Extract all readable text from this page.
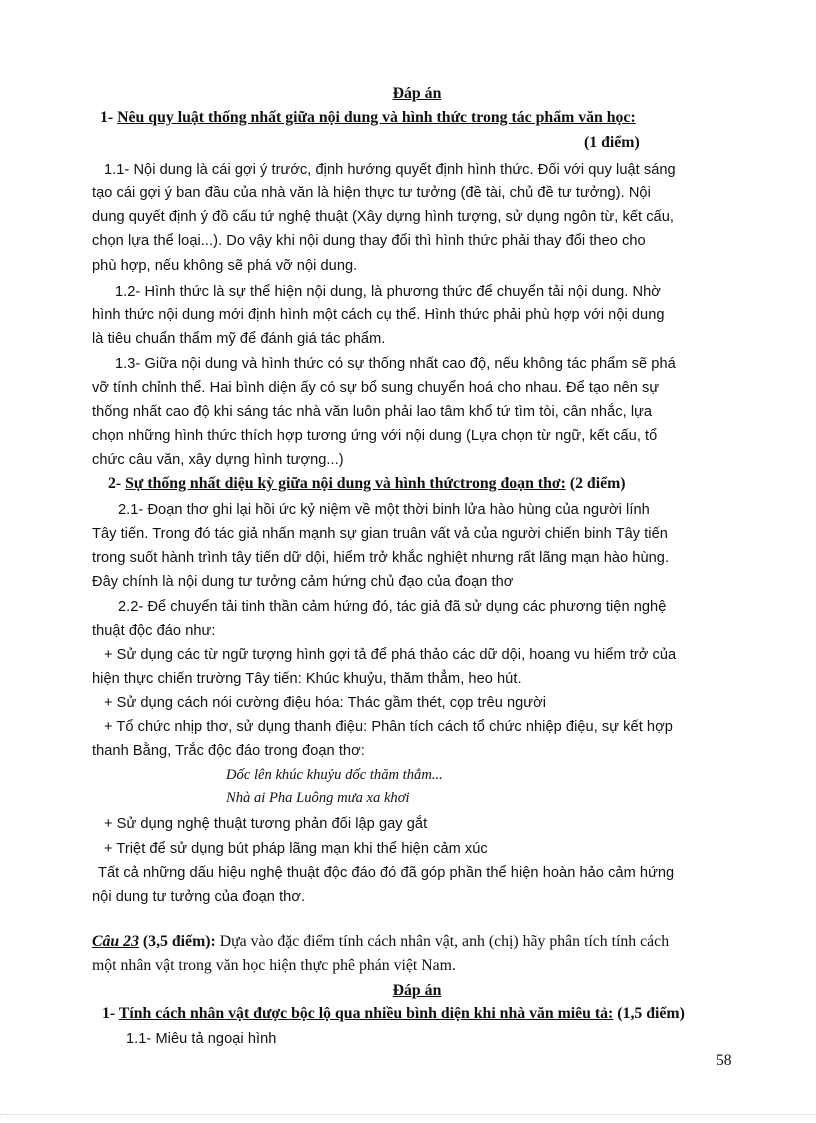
Đáp án
1- Nêu quy luật thống nhất giữa nội dung và hình thức trong tác phẩm văn học:
(1 điểm)
1.1- Nội dung là cái gợi ý trước, định hướng quyết định hình thức. Đối với quy luật sáng
tạo cái gợi ý ban đầu của nhà văn là hiện thực tư tưởng (đề tài, chủ đề tư tưởng). Nội
dung quyết định ý đồ cấu tứ nghệ thuật (Xây dựng hình tượng, sử dụng ngôn từ, kết cấu,
chọn lựa thể loại...). Do vậy khi nội dung thay đổi thì hình thức phải thay đổi theo cho
phù hợp, nếu không sẽ phá vỡ nội dung.
1.2- Hình thức là sự thể hiện nội dung, là phương thức để chuyển tải nội dung. Nhờ
hình thức nội dung mới định hình một cách cụ thể. Hình thức phải phù hợp với nội dung
là tiêu chuẩn thẩm mỹ để đánh giá tác phẩm.
1.3- Giữa nội dung và hình thức có sự thống nhất cao độ, nếu không tác phẩm sẽ phá
vỡ tính chỉnh thể. Hai bình diện ấy có sự bổ sung chuyển hoá cho nhau. Để tạo nên sự
thống nhất cao độ khi sáng tác nhà văn luôn phải lao tâm khổ tứ tìm tòi, cân nhắc, lựa
chọn những hình thức thích hợp tương ứng với nội dung (Lựa chọn từ ngữ, kết cấu, tổ
chức câu văn, xây dựng hình tượng...)
2- Sự thống nhất diệu kỳ giữa nội dung và hình thứctrong đoạn thơ: (2 điểm)
2.1- Đoạn thơ ghi lại hồi ức kỷ niệm về một thời binh lửa hào hùng của người lính
Tây tiến. Trong đó tác giả nhấn mạnh sự gian truân vất vả của người chiến binh Tây tiến
trong suốt hành trình tây tiến dữ dội, hiểm trở khắc nghiệt nhưng rất lãng mạn hào hùng.
Đây chính là nội dung tư tưởng cảm hứng chủ đạo của đoạn thơ
2.2- Để chuyển tải tinh thần cảm hứng đó, tác giả đã sử dụng các phương tiện nghệ
thuật độc đáo như:
+ Sử dụng các từ ngữ tượng hình gợi tả để phá thảo các dữ dội, hoang vu hiểm trở của
hiện thực chiến trường Tây tiến: Khúc khuỷu, thăm thẳm, heo hút.
+ Sử dụng cách nói cường điệu hóa: Thác gầm thét, cọp trêu người
+ Tổ chức nhịp thơ, sử dụng thanh điệu: Phân tích cách tổ chức nhiệp điệu, sự kết hợp
thanh Bằng, Trắc độc đáo trong đoạn thơ:
Dốc lên khúc khuỷu dốc thăm thẳm...
Nhà ai Pha Luông mưa xa khơi
+ Sử dụng nghệ thuật tương phản đối lập gay gắt
+ Triệt để sử dụng bút pháp lãng mạn khi thể hiện cảm xúc
Tất cả những dấu hiệu nghệ thuật độc đáo đó đã góp phần thể hiện hoàn hảo cảm hứng
nội dung tư tưởng của đoạn thơ.
Câu 23 (3,5 điểm): Dựa vào đặc điểm tính cách nhân vật, anh (chị) hãy phân tích tính cách
một nhân vật trong văn học hiện thực phê phán việt Nam.
Đáp án
1- Tính cách nhân vật được bộc lộ qua nhiều bình diện khi nhà văn miêu tả: (1,5 điểm)
1.1- Miêu tả ngoại hình
58
